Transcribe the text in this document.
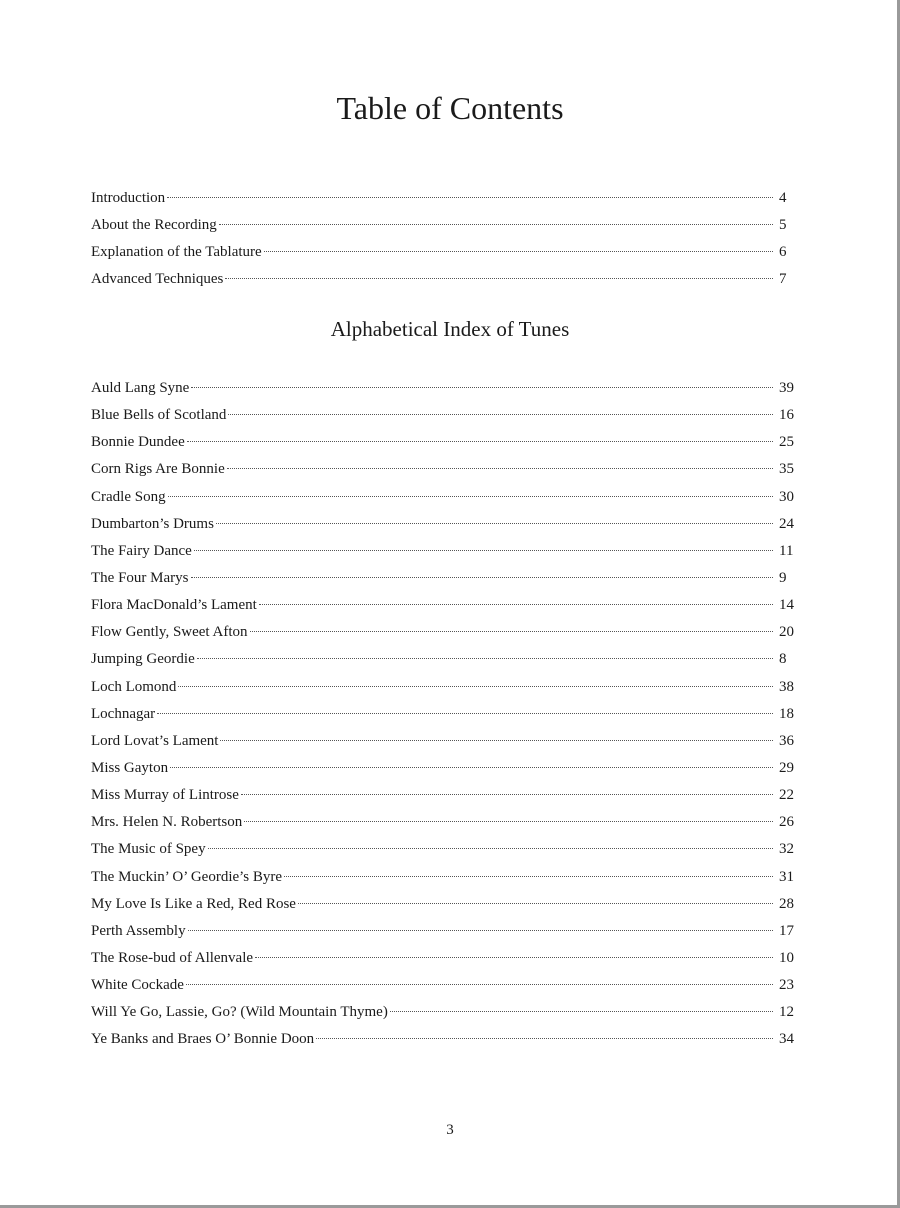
Table of Contents
Introduction	4
About the Recording	5
Explanation of the Tablature	6
Advanced Techniques	7
Alphabetical Index of Tunes
Auld Lang Syne	39
Blue Bells of Scotland	16
Bonnie Dundee	25
Corn Rigs Are Bonnie	35
Cradle Song	30
Dumbarton’s Drums	24
The Fairy Dance	11
The Four Marys	9
Flora MacDonald’s Lament	14
Flow Gently, Sweet Afton	20
Jumping Geordie	8
Loch Lomond	38
Lochnagar	18
Lord Lovat’s Lament	36
Miss Gayton	29
Miss Murray of Lintrose	22
Mrs. Helen N. Robertson	26
The Music of Spey	32
The Muckin’ O’ Geordie’s Byre	31
My Love Is Like a Red, Red Rose	28
Perth Assembly	17
The Rose-bud of Allenvale	10
White Cockade	23
Will Ye Go, Lassie, Go? (Wild Mountain Thyme)	12
Ye Banks and Braes O’ Bonnie Doon	34
3
